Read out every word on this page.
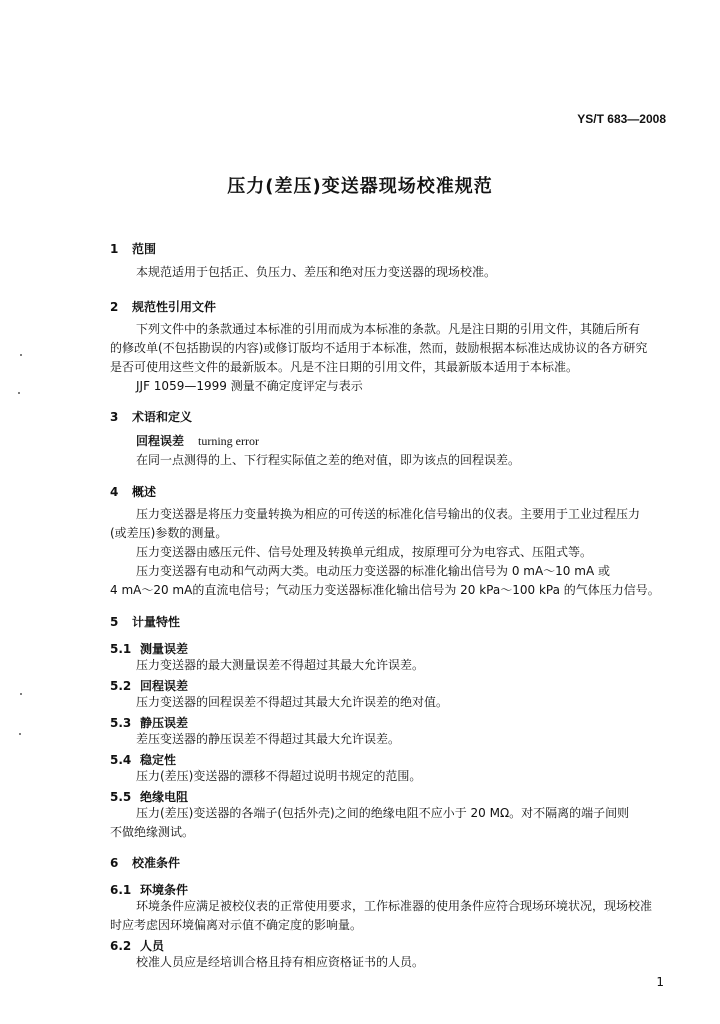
YS/T 683—2008
压力(差压)变送器现场校准规范
1 范围
本规范适用于包括正、负压力、差压和绝对压力变送器的现场校准。
2 规范性引用文件
下列文件中的条款通过本标准的引用而成为本标准的条款。凡是注日期的引用文件，其随后所有
的修改单(不包括勘误的内容)或修订版均不适用于本标准，然而，鼓励根据本标准达成协议的各方研究
是否可使用这些文件的最新版本。凡是不注日期的引用文件，其最新版本适用于本标准。
JJF 1059—1999 测量不确定度评定与表示
3 术语和定义
回程误差 turning error
在同一点测得的上、下行程实际值之差的绝对值，即为该点的回程误差。
4 概述
压力变送器是将压力变量转换为相应的可传送的标准化信号输出的仪表。主要用于工业过程压力
(或差压)参数的测量。
压力变送器由感压元件、信号处理及转换单元组成，按原理可分为电容式、压阻式等。
压力变送器有电动和气动两大类。电动压力变送器的标准化输出信号为 0 mA～10 mA 或
4 mA～20 mA的直流电信号；气动压力变送器标准化输出信号为 20 kPa～100 kPa 的气体压力信号。
5 计量特性
5.1 测量误差
压力变送器的最大测量误差不得超过其最大允许误差。
5.2 回程误差
压力变送器的回程误差不得超过其最大允许误差的绝对值。
5.3 静压误差
差压变送器的静压误差不得超过其最大允许误差。
5.4 稳定性
压力(差压)变送器的漂移不得超过说明书规定的范围。
5.5 绝缘电阻
压力(差压)变送器的各端子(包括外壳)之间的绝缘电阻不应小于 20 MΩ。对不隔离的端子间则
不做绝缘测试。
6 校准条件
6.1 环境条件
环境条件应满足被校仪表的正常使用要求，工作标准器的使用条件应符合现场环境状况，现场校准
时应考虑因环境偏离对示值不确定度的影响量。
6.2 人员
校准人员应是经培训合格且持有相应资格证书的人员。
1
